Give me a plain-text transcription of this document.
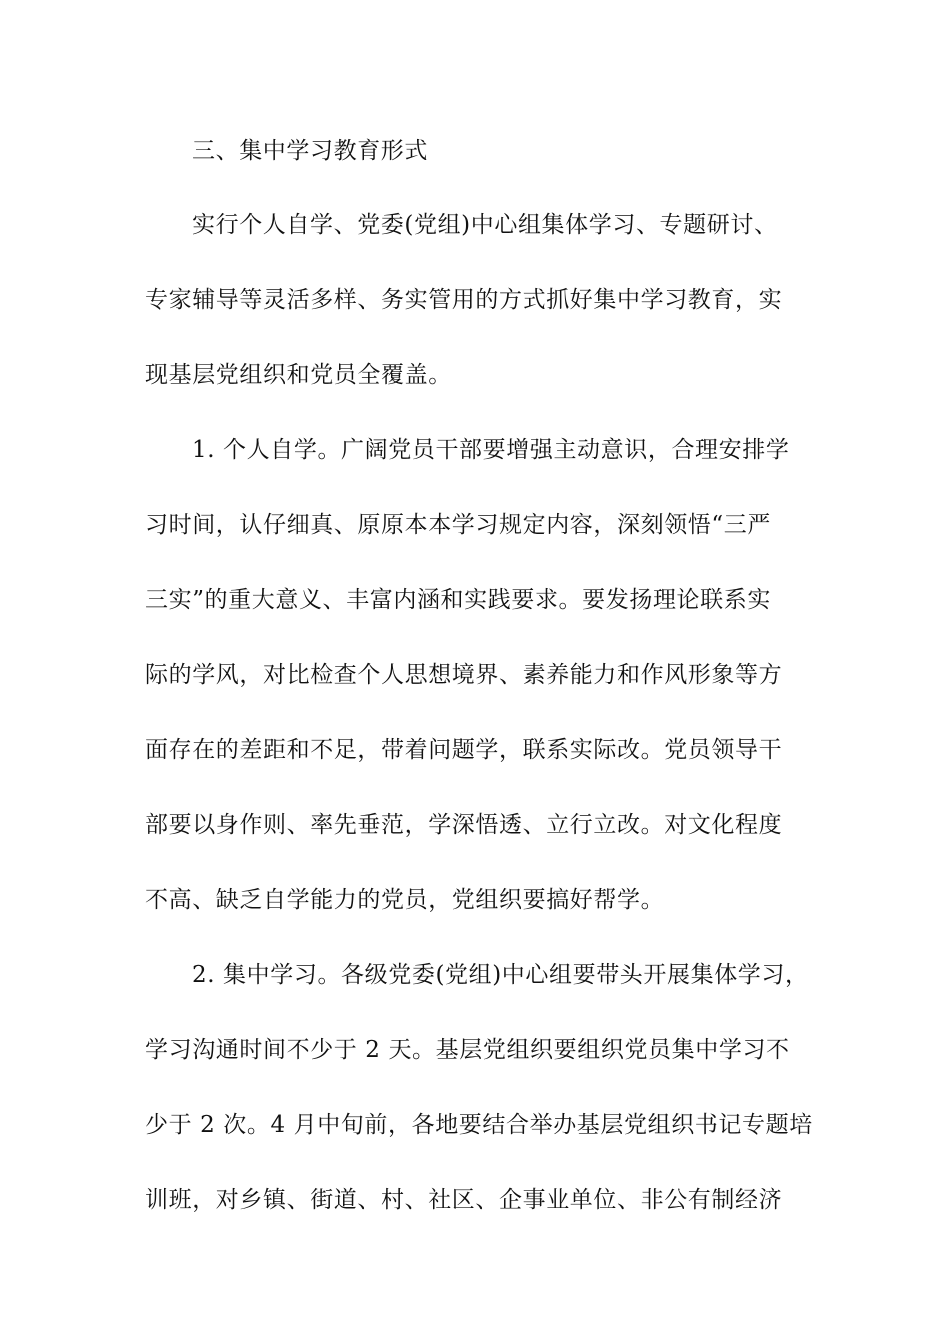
三、集中学习教育形式
实行个人自学、党委(党组)中心组集体学习、专题研讨、
专家辅导等灵活多样、务实管用的方式抓好集中学习教育，实
现基层党组织和党员全覆盖。
1. 个人自学。广阔党员干部要增强主动意识，合理安排学
习时间，认仔细真、原原本本学习规定内容，深刻领悟“三严
三实”的重大意义、丰富内涵和实践要求。要发扬理论联系实
际的学风，对比检查个人思想境界、素养能力和作风形象等方
面存在的差距和不足，带着问题学，联系实际改。党员领导干
部要以身作则、率先垂范，学深悟透、立行立改。对文化程度
不高、缺乏自学能力的党员，党组织要搞好帮学。
2. 集中学习。各级党委(党组)中心组要带头开展集体学习，
学习沟通时间不少于 2 天。基层党组织要组织党员集中学习不
少于 2 次。4 月中旬前，各地要结合举办基层党组织书记专题培
训班，对乡镇、街道、村、社区、企事业单位、非公有制经济
